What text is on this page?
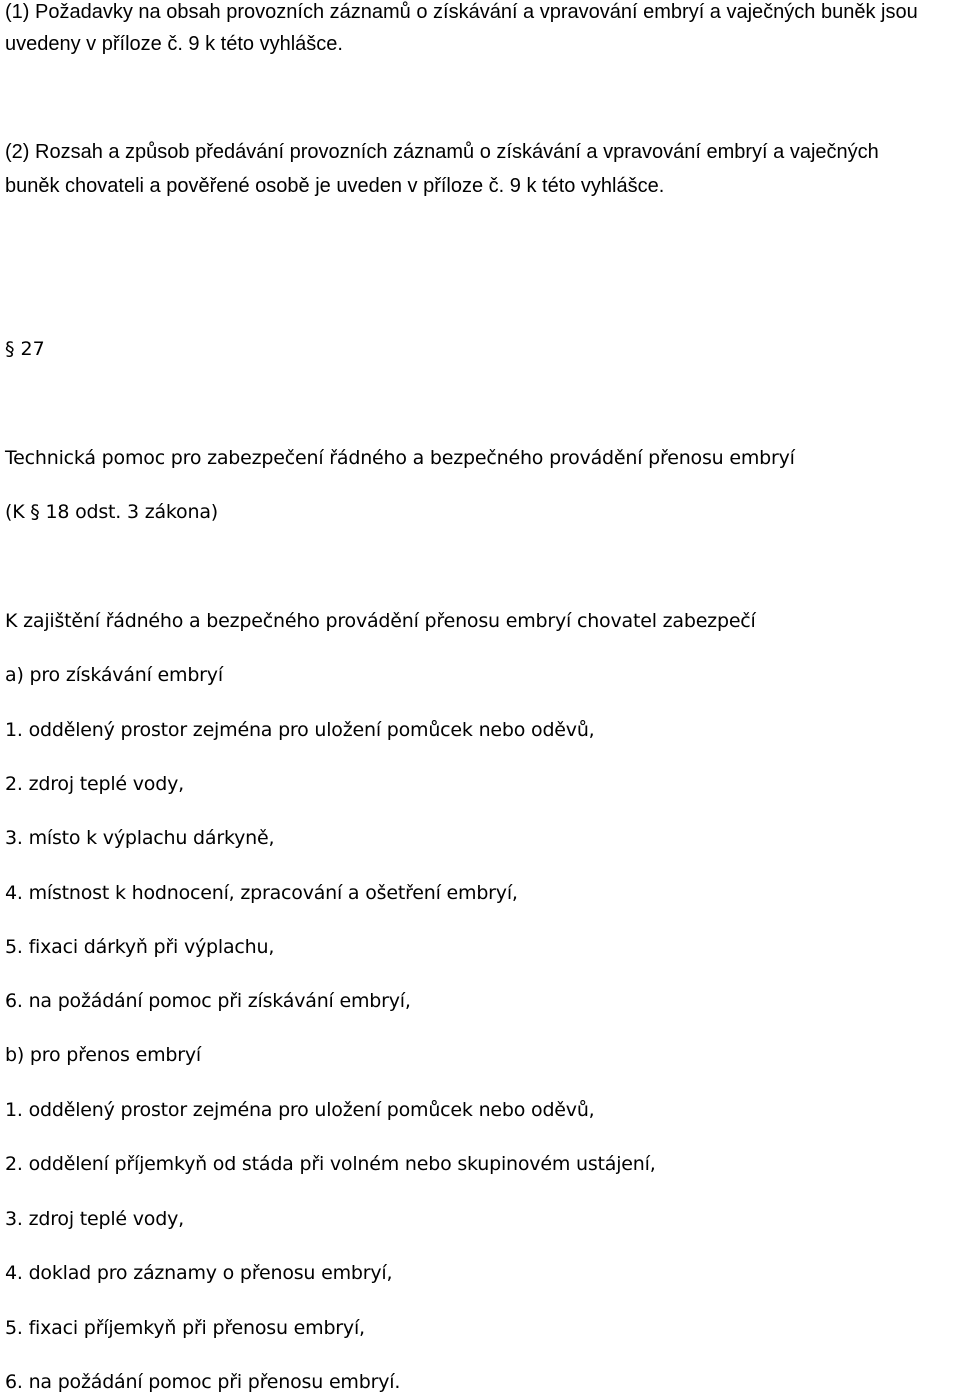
(1) Požadavky na obsah provozních záznamů o získávání a vpravování embryí a vaječných buněk jsou
uvedeny v příloze č. 9 k této vyhlášce.
(2) Rozsah a způsob předávání provozních záznamů o získávání a vpravování embryí a vaječných
buněk chovateli a pověřené osobě je uveden v příloze č. 9 k této vyhlášce.
§ 27
Technická pomoc pro zabezpečení řádného a bezpečného provádění přenosu embryí
(K § 18 odst. 3 zákona)
K zajištění řádného a bezpečného provádění přenosu embryí chovatel zabezpečí
a) pro získávání embryí
1. oddělený prostor zejména pro uložení pomůcek nebo oděvů,
2. zdroj teplé vody,
3. místo k výplachu dárkyně,
4. místnost k hodnocení, zpracování a ošetření embryí,
5. fixaci dárkyň při výplachu,
6. na požádání pomoc při získávání embryí,
b) pro přenos embryí
1. oddělený prostor zejména pro uložení pomůcek nebo oděvů,
2. oddělení příjemkyň od stáda při volném nebo skupinovém ustájení,
3. zdroj teplé vody,
4. doklad pro záznamy o přenosu embryí,
5. fixaci příjemkyň při přenosu embryí,
6. na požádání pomoc při přenosu embryí.
